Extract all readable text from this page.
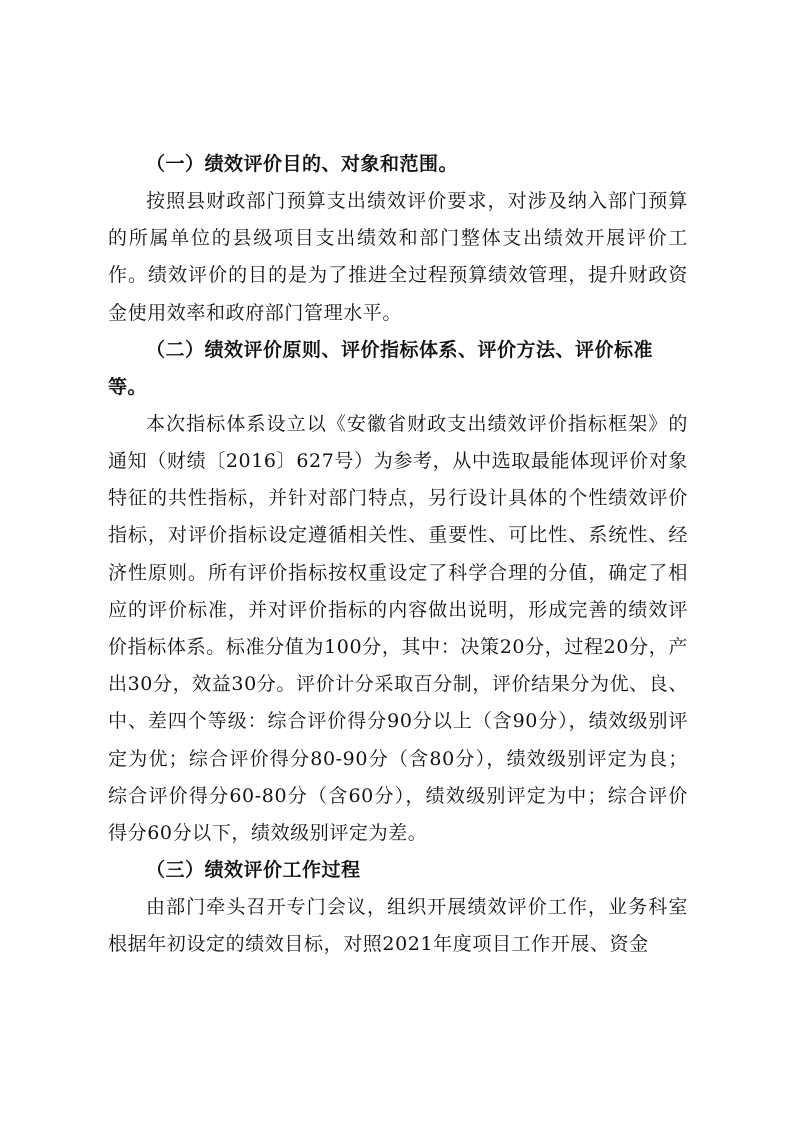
（一）绩效评价目的、对象和范围。

按照县财政部门预算支出绩效评价要求，对涉及纳入部门预算的所属单位的县级项目支出绩效和部门整体支出绩效开展评价工作。绩效评价的目的是为了推进全过程预算绩效管理，提升财政资金使用效率和政府部门管理水平。

（二）绩效评价原则、评价指标体系、评价方法、评价标准等。

本次指标体系设立以《安徽省财政支出绩效评价指标框架》的通知（财绩〔2016〕627号）为参考，从中选取最能体现评价对象特征的共性指标，并针对部门特点，另行设计具体的个性绩效评价指标，对评价指标设定遵循相关性、重要性、可比性、系统性、经济性原则。所有评价指标按权重设定了科学合理的分值，确定了相应的评价标准，并对评价指标的内容做出说明，形成完善的绩效评价指标体系。标准分值为100分，其中：决策20分，过程20分，产出30分，效益30分。评价计分采取百分制，评价结果分为优、良、中、差四个等级：综合评价得分90分以上（含90分），绩效级别评定为优；综合评价得分80-90分（含80分），绩效级别评定为良；综合评价得分60-80分（含60分），绩效级别评定为中；综合评价得分60分以下，绩效级别评定为差。

（三）绩效评价工作过程

由部门牵头召开专门会议，组织开展绩效评价工作，业务科室根据年初设定的绩效目标，对照2021年度项目工作开展、资金
